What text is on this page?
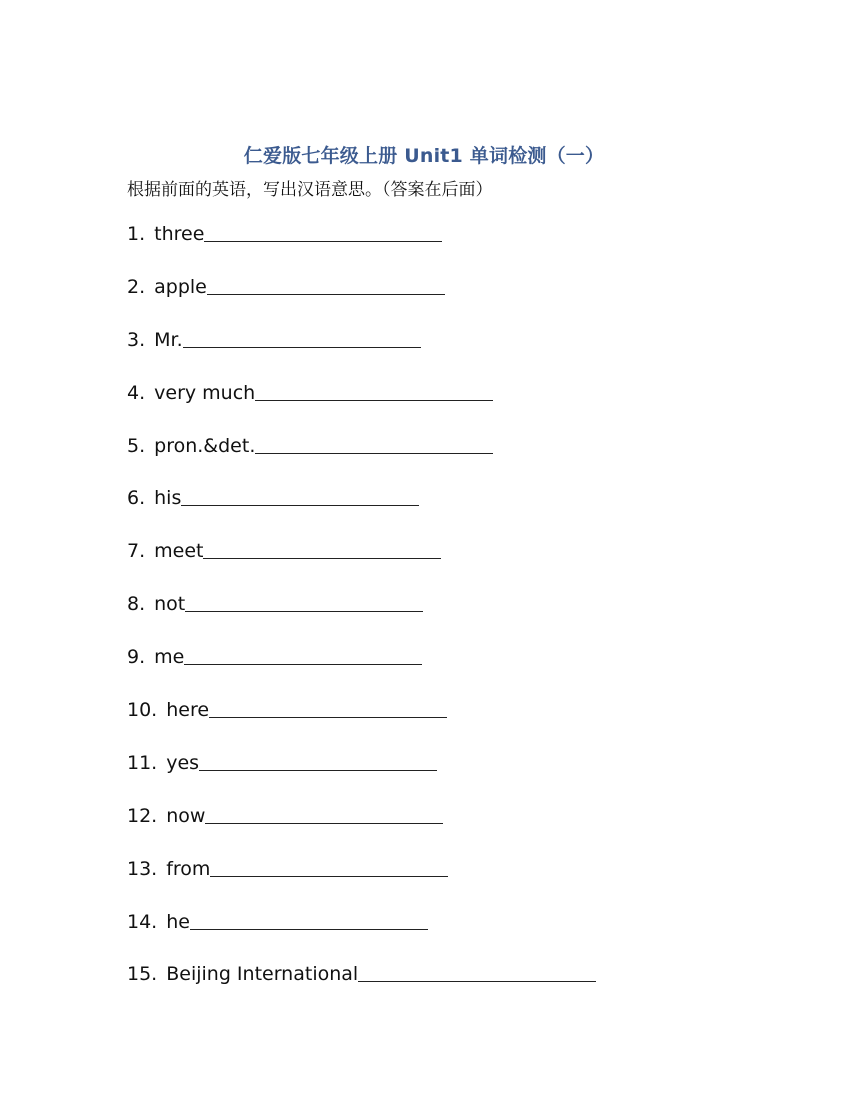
仁爱版七年级上册 Unit1 单词检测（一）
根据前面的英语，写出汉语意思。（答案在后面）
1. three
2. apple
3. Mr.
4. very much
5. pron.&det.
6. his
7. meet
8. not
9. me
10. here
11. yes
12. now
13. from
14. he
15. Beijing International
